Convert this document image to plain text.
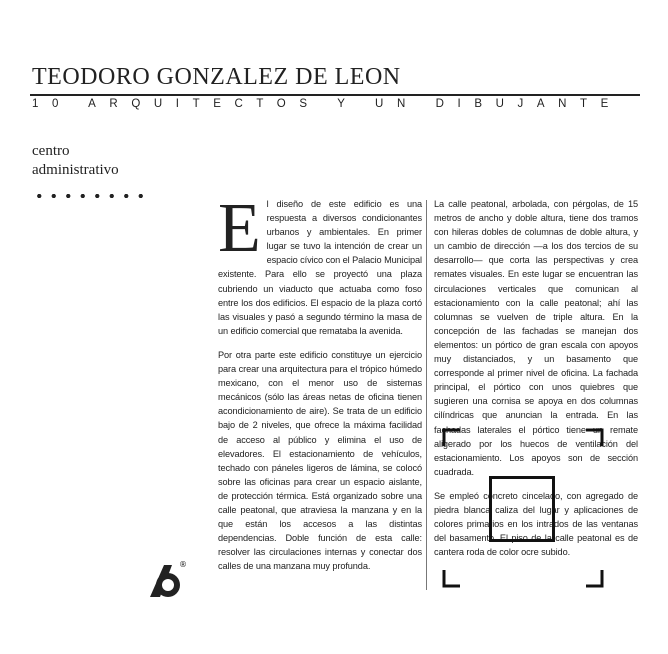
TEODORO GONZALEZ DE LEON
10 ARQUITECTOS Y UN DIBUJANTE
centro
administrativo

El diseño de este edificio es una respuesta a diversos condicionantes urbanos y ambientales. En primer lugar se tuvo la intención de crear un espacio cívico con el Palacio Municipal existente. Para ello se proyectó una plaza cubriendo un viaducto que actuaba como foso entre los dos edificios. El espacio de la plaza cortó las visuales y pasó a segundo término la masa de un edificio comercial que remataba la avenida.

Por otra parte este edificio constituye un ejercicio para crear una arquitectura para el trópico húmedo mexicano, con el menor uso de sistemas mecánicos (sólo las áreas netas de oficina tienen acondicionamiento de aire). Se trata de un edificio bajo de 2 niveles, que ofrece la máxima facilidad de acceso al público y elimina el uso de elevadores. El estacionamiento de vehículos, techado con páneles ligeros de lámina, se colocó sobre las oficinas para crear un espacio aislante, de protección térmica. Está organizado sobre una calle peatonal, que atraviesa la manzana y en la que están los accesos a las distintas dependencias. Doble función de esta calle: resolver las circulaciones internas y conectar dos calles de una manzana muy profunda.

La calle peatonal, arbolada, con pérgolas, de 15 metros de ancho y doble altura, tiene dos tramos con hileras dobles de columnas de doble altura, y un cambio de dirección —a los dos tercios de su desarrollo— que corta las perspectivas y crea remates visuales. En este lugar se encuentran las circulaciones verticales que comunican al estacionamiento con la calle peatonal; ahí las columnas se vuelven de triple altura. En la concepción de las fachadas se manejan dos elementos: un pórtico de gran escala con apoyos muy distanciados, y un basamento que corresponde al primer nivel de oficina. La fachada principal, el pórtico con unos quiebres que sugieren una cornisa se apoya en dos columnas cilíndricas que anuncian la entrada. En las fachadas laterales el pórtico tiene un remate aligerado por los huecos de ventilación del estacionamiento. Los apoyos son de sección cuadrada.

Se empleó concreto cincelado, con agregado de piedra blanca caliza del lugar y aplicaciones de colores primarios en los intrados de las ventanas del basamento. El piso de la calle peatonal es de cantera roda de color ocre subido.

®
